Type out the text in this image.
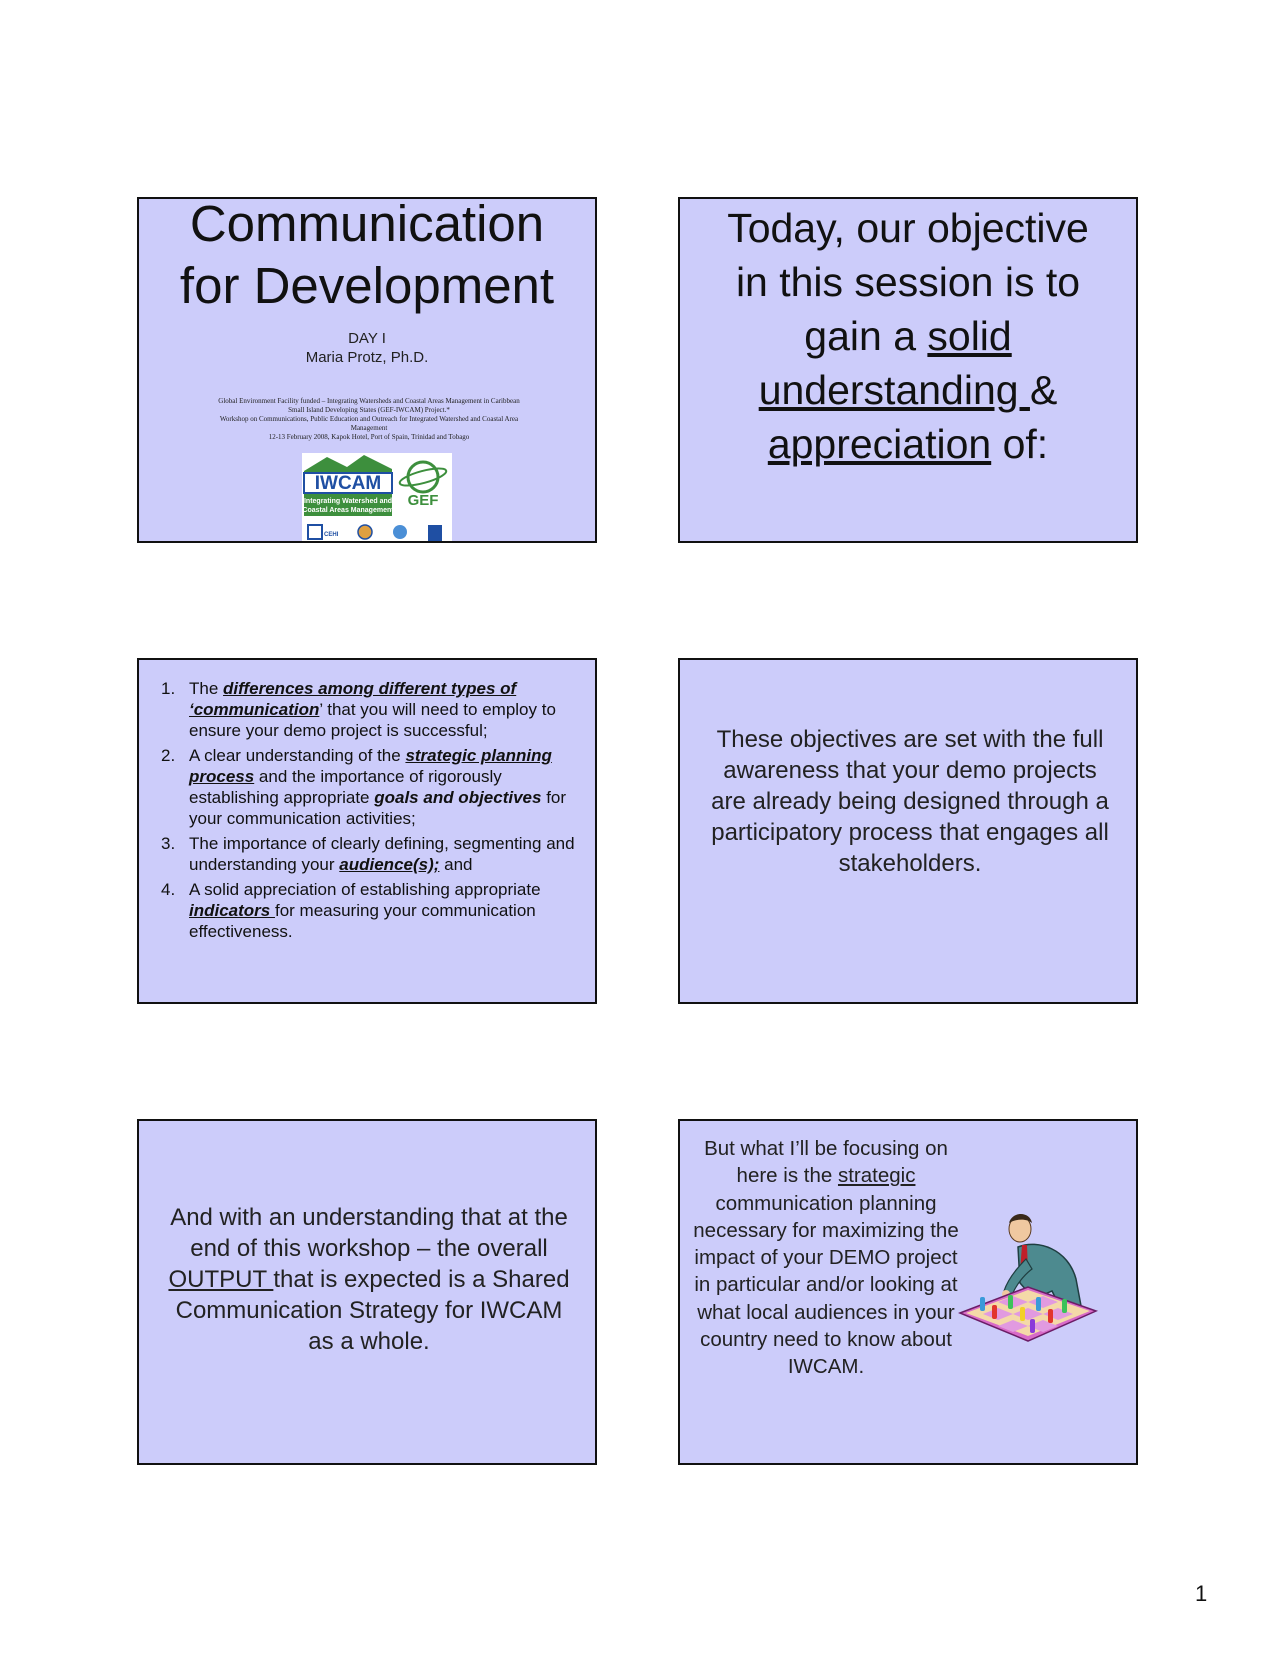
Communication
for Development
DAY I
Maria Protz, Ph.D.
Global Environment Facility funded – Integrating Watersheds and Coastal Areas Management in Caribbean
Small Island Developing States (GEF-IWCAM) Project.*
Workshop on Communications, Public Education and Outreach for Integrated Watershed and Coastal Area
Management
12-13 February 2008, Kapok Hotel, Port of Spain, Trinidad and Tobago
IWCAM
Integrating Watershed and
Coastal Areas Management
GEF
CEHI
Today, our objective
in this session is to
gain a solid
understanding &
appreciation of:
1. The differences among different types of ‘communication’ that you will need to employ to ensure your demo project is successful;
2. A clear understanding of the strategic planning process and the importance of rigorously establishing appropriate goals and objectives for your communication activities;
3. The importance of clearly defining, segmenting and understanding your audience(s); and
4. A solid appreciation of establishing appropriate indicators for measuring your communication effectiveness.
These objectives are set with the full awareness that your demo projects are already being designed through a participatory process that engages all stakeholders.
And with an understanding that at the end of this workshop – the overall OUTPUT that is expected is a Shared Communication Strategy for IWCAM as a whole.
But what I’ll be focusing on here is the strategic communication planning necessary for maximizing the impact of your DEMO project in particular and/or looking at what local audiences in your country need to know about IWCAM.
1
